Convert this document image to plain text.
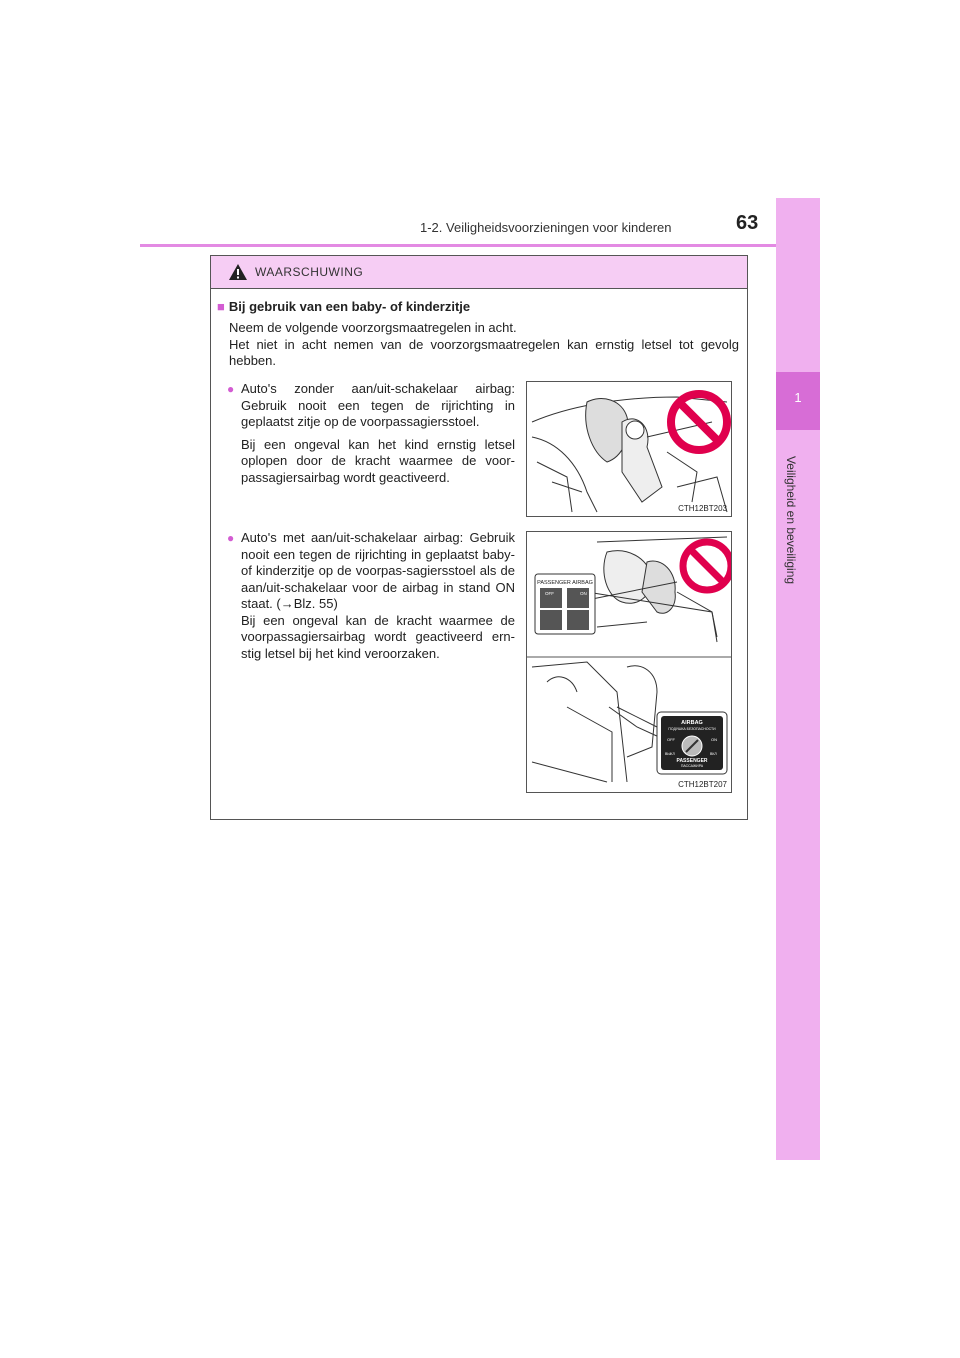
1-2. Veiligheidsvoorzieningen voor kinderen	63
1
Veiligheid en beveiliging
WAARSCHUWING
■ Bij gebruik van een baby- of kinderzitje
Neem de volgende voorzorgsmaatregelen in acht.
Het niet in acht nemen van de voorzorgsmaatregelen kan ernstig letsel tot gevolg hebben.
● Auto's zonder aan/uit-schakelaar airbag: Gebruik nooit een tegen de rijrichting in geplaatst zitje op de voorpassagiersstoel.
Bij een ongeval kan het kind ernstig letsel oplopen door de kracht waarmee de voor-passagiersairbag wordt geactiveerd.
CTH12BT203
● Auto's met aan/uit-schakelaar airbag: Gebruik nooit een tegen de rijrichting in geplaatst baby- of kinderzitje op de voorpas-sagiersstoel als de aan/uit-schakelaar voor de airbag in stand ON staat. (→Blz. 55)
Bij een ongeval kan de kracht waarmee de voorpassagiersairbag wordt geactiveerd ern-stig letsel bij het kind veroorzaken.
PASSENGER AIRBAG
OFF	ON
AIRBAG
ПОДУШКА БЕЗОПАСНОСТИ
OFF	ON
ВЫКЛ	ВКЛ
PASSENGER
ПАССАЖИРА
CTH12BT207
